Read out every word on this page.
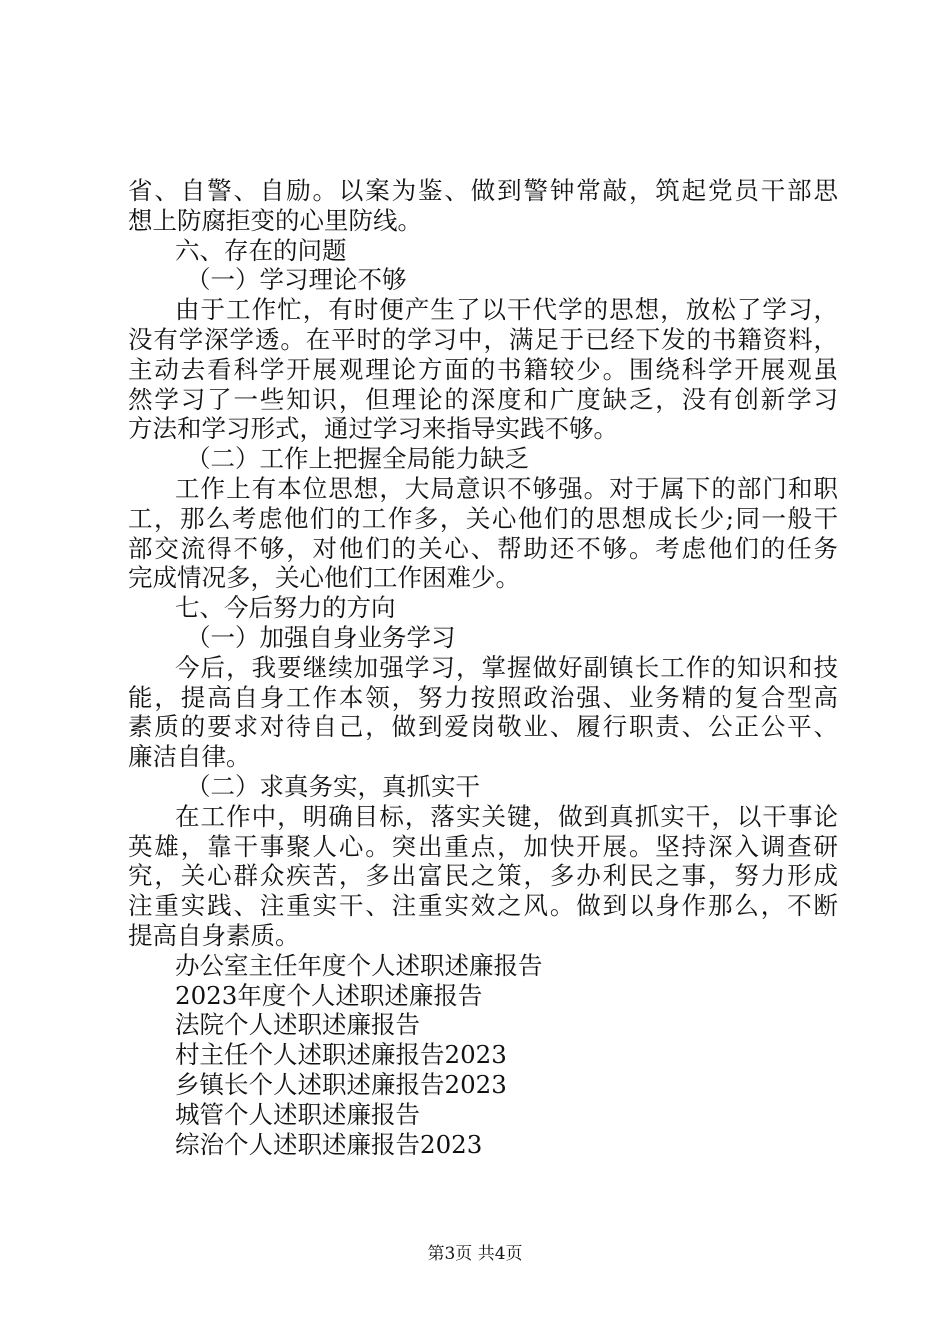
省、自警、自励。以案为鉴、做到警钟常敲，筑起党员干部思
想上防腐拒变的心里防线。
六、存在的问题
（一）学习理论不够
由于工作忙，有时便产生了以干代学的思想，放松了学习，
没有学深学透。在平时的学习中，满足于已经下发的书籍资料，
主动去看科学开展观理论方面的书籍较少。围绕科学开展观虽
然学习了一些知识，但理论的深度和广度缺乏，没有创新学习
方法和学习形式，通过学习来指导实践不够。
（二）工作上把握全局能力缺乏
工作上有本位思想，大局意识不够强。对于属下的部门和职
工，那么考虑他们的工作多，关心他们的思想成长少;同一般干
部交流得不够，对他们的关心、帮助还不够。考虑他们的任务
完成情况多，关心他们工作困难少。
七、今后努力的方向
（一）加强自身业务学习
今后，我要继续加强学习，掌握做好副镇长工作的知识和技
能，提高自身工作本领，努力按照政治强、业务精的复合型高
素质的要求对待自己，做到爱岗敬业、履行职责、公正公平、
廉洁自律。
（二）求真务实，真抓实干
在工作中，明确目标，落实关键，做到真抓实干，以干事论
英雄，靠干事聚人心。突出重点，加快开展。坚持深入调查研
究，关心群众疾苦，多出富民之策，多办利民之事，努力形成
注重实践、注重实干、注重实效之风。做到以身作那么，不断
提高自身素质。
办公室主任年度个人述职述廉报告
2023年度个人述职述廉报告
法院个人述职述廉报告
村主任个人述职述廉报告2023
乡镇长个人述职述廉报告2023
城管个人述职述廉报告
综治个人述职述廉报告2023
第3页 共4页
